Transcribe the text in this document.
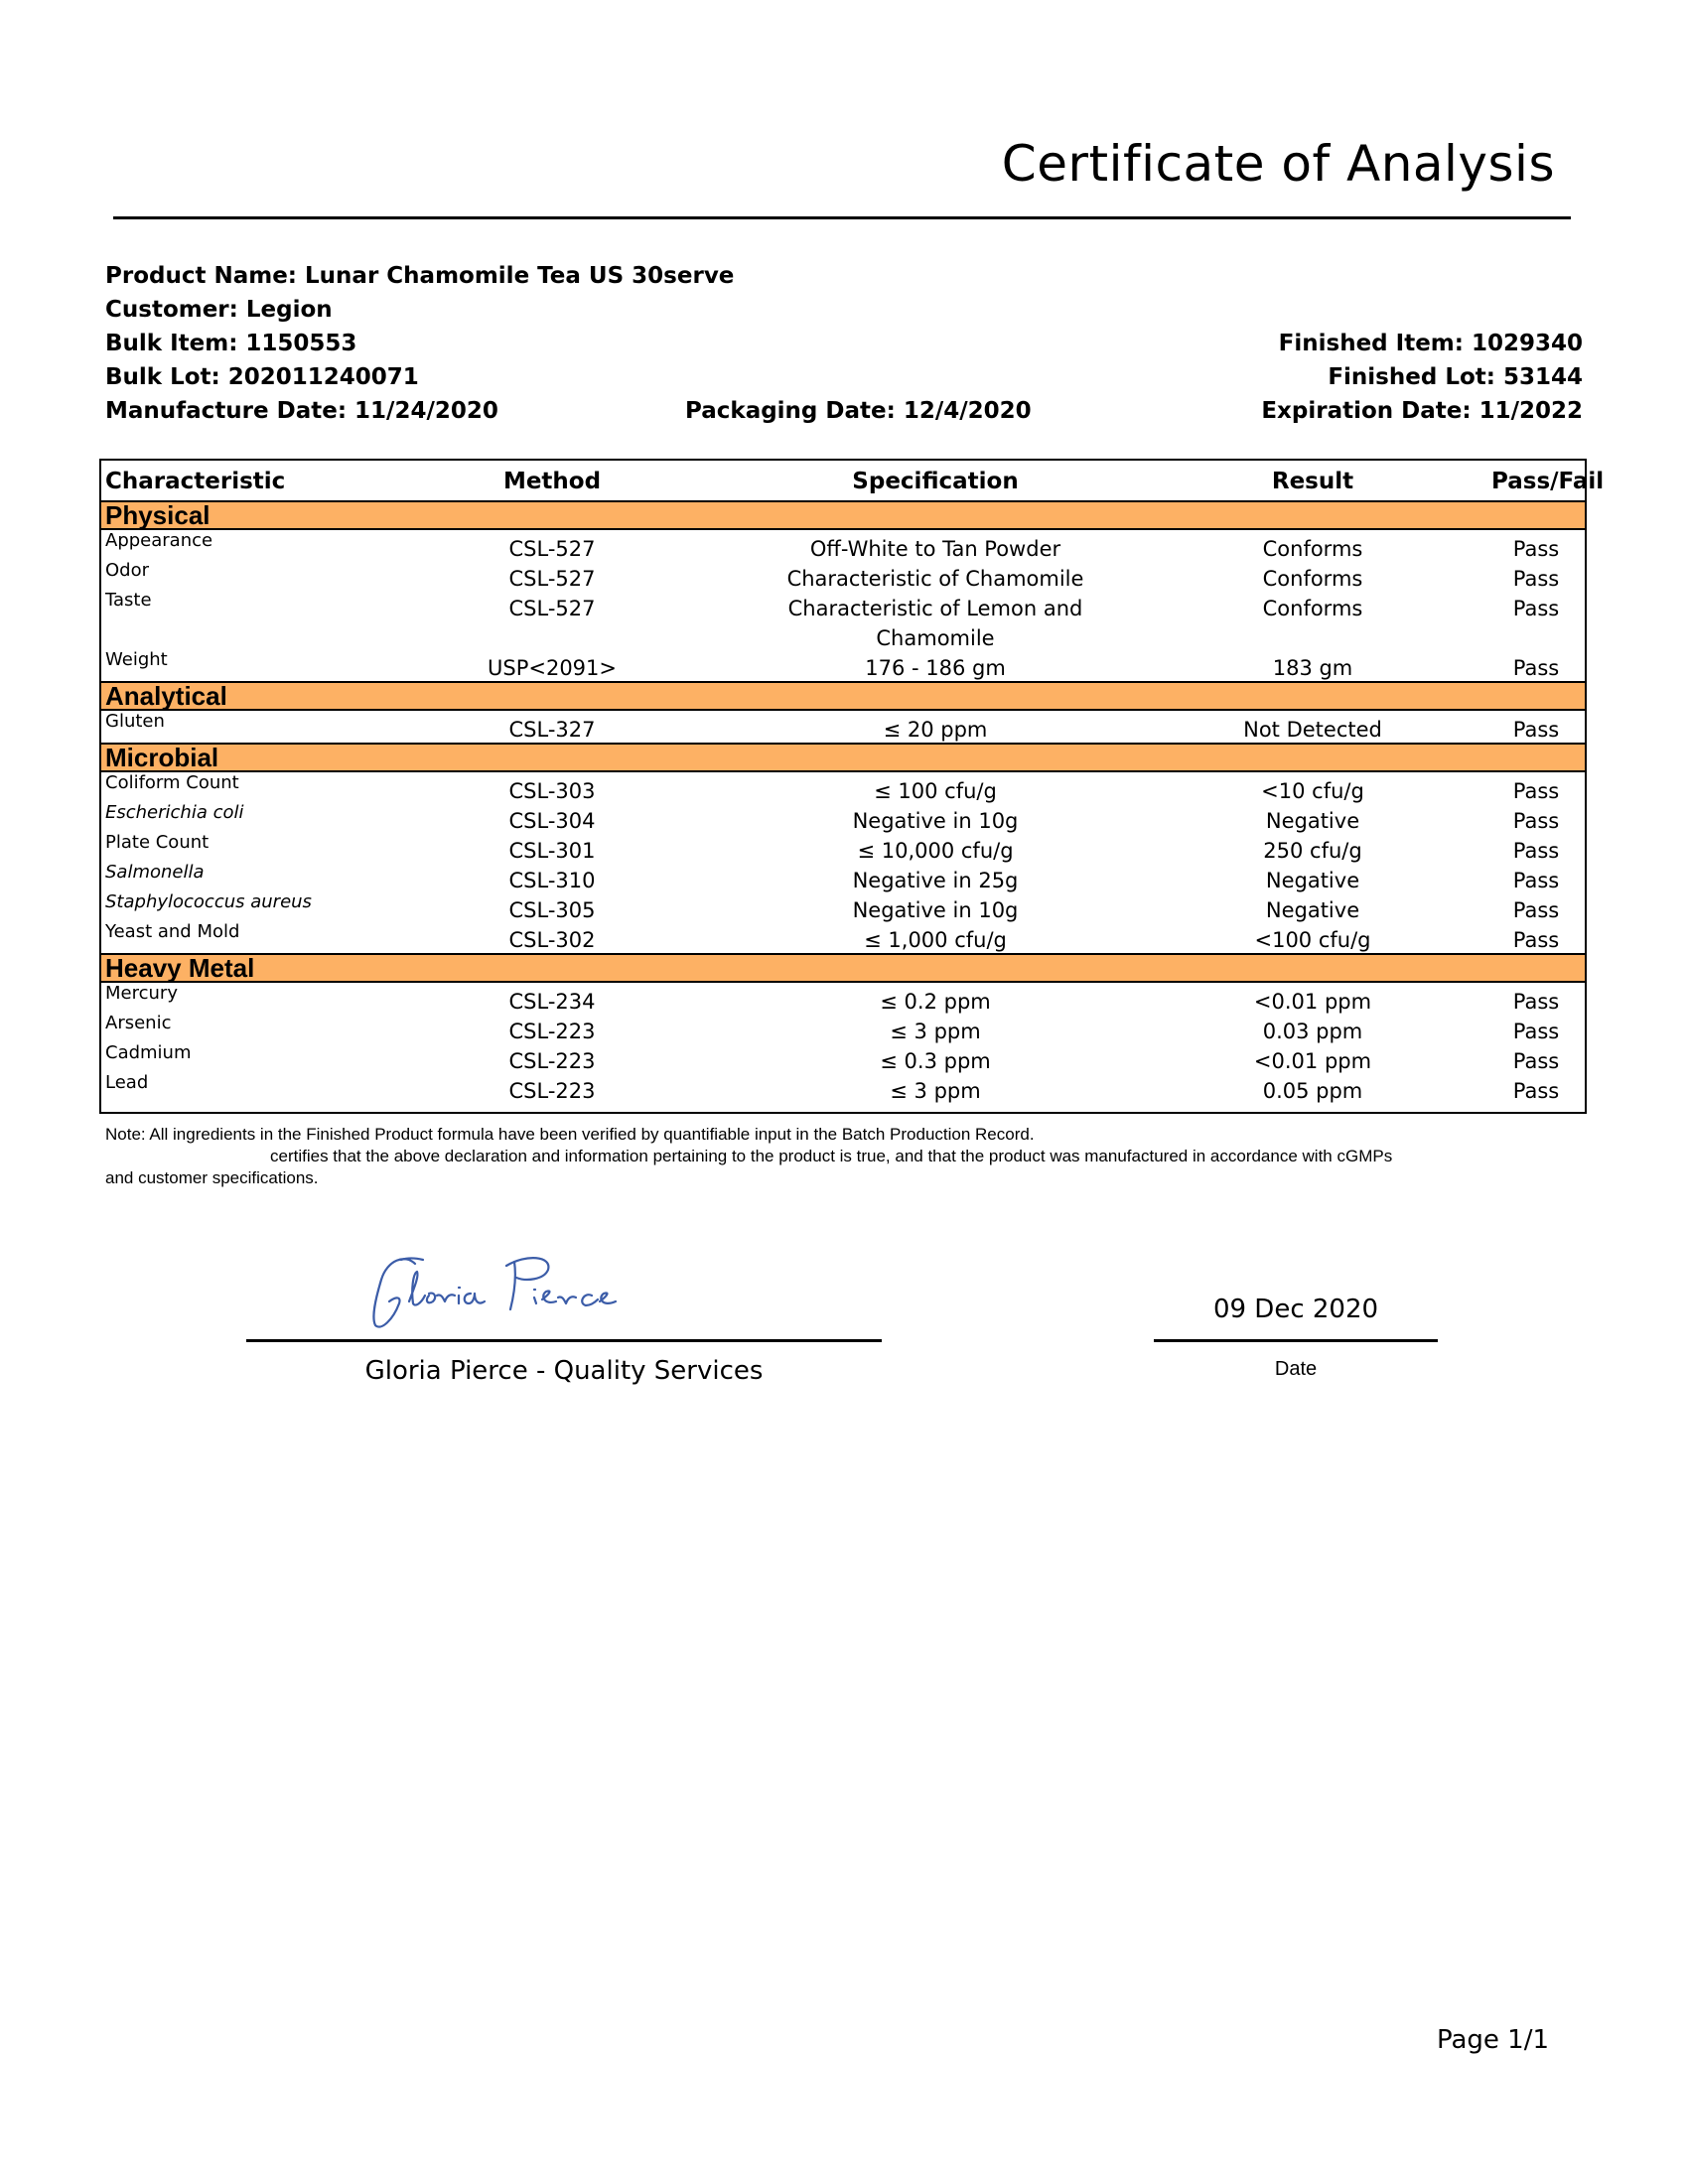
Certificate of Analysis
Product Name: Lunar Chamomile Tea US 30serve
Customer: Legion
Bulk Item: 1150553
Bulk Lot: 202011240071
Manufacture Date: 11/24/2020	Packaging Date: 12/4/2020
Finished Item: 1029340
Finished Lot: 53144
Expiration Date: 11/2022
Characteristic	Method	Specification	Result	Pass/Fail
Physical
Appearance	CSL-527	Off-White to Tan Powder	Conforms	Pass
Odor	CSL-527	Characteristic of Chamomile	Conforms	Pass
Taste	CSL-527	Characteristic of Lemon and	Conforms	Pass
Chamomile
Weight	USP<2091>	176 - 186 gm	183 gm	Pass
Analytical
Gluten	CSL-327	≤ 20 ppm	Not Detected	Pass
Microbial
Coliform Count	CSL-303	≤ 100 cfu/g	<10 cfu/g	Pass
Escherichia coli	CSL-304	Negative in 10g	Negative	Pass
Plate Count	CSL-301	≤ 10,000 cfu/g	250 cfu/g	Pass
Salmonella	CSL-310	Negative in 25g	Negative	Pass
Staphylococcus aureus	CSL-305	Negative in 10g	Negative	Pass
Yeast and Mold	CSL-302	≤ 1,000 cfu/g	<100 cfu/g	Pass
Heavy Metal
Mercury	CSL-234	≤ 0.2 ppm	<0.01 ppm	Pass
Arsenic	CSL-223	≤ 3 ppm	0.03 ppm	Pass
Cadmium	CSL-223	≤ 0.3 ppm	<0.01 ppm	Pass
Lead	CSL-223	≤ 3 ppm	0.05 ppm	Pass
Note: All ingredients in the Finished Product formula have been verified by quantifiable input in the Batch Production Record.
certifies that the above declaration and information pertaining to the product is true, and that the product was manufactured in accordance with cGMPs
and customer specifications.
Gloria Pierce - Quality Services
09 Dec 2020
Date
Page 1/1
